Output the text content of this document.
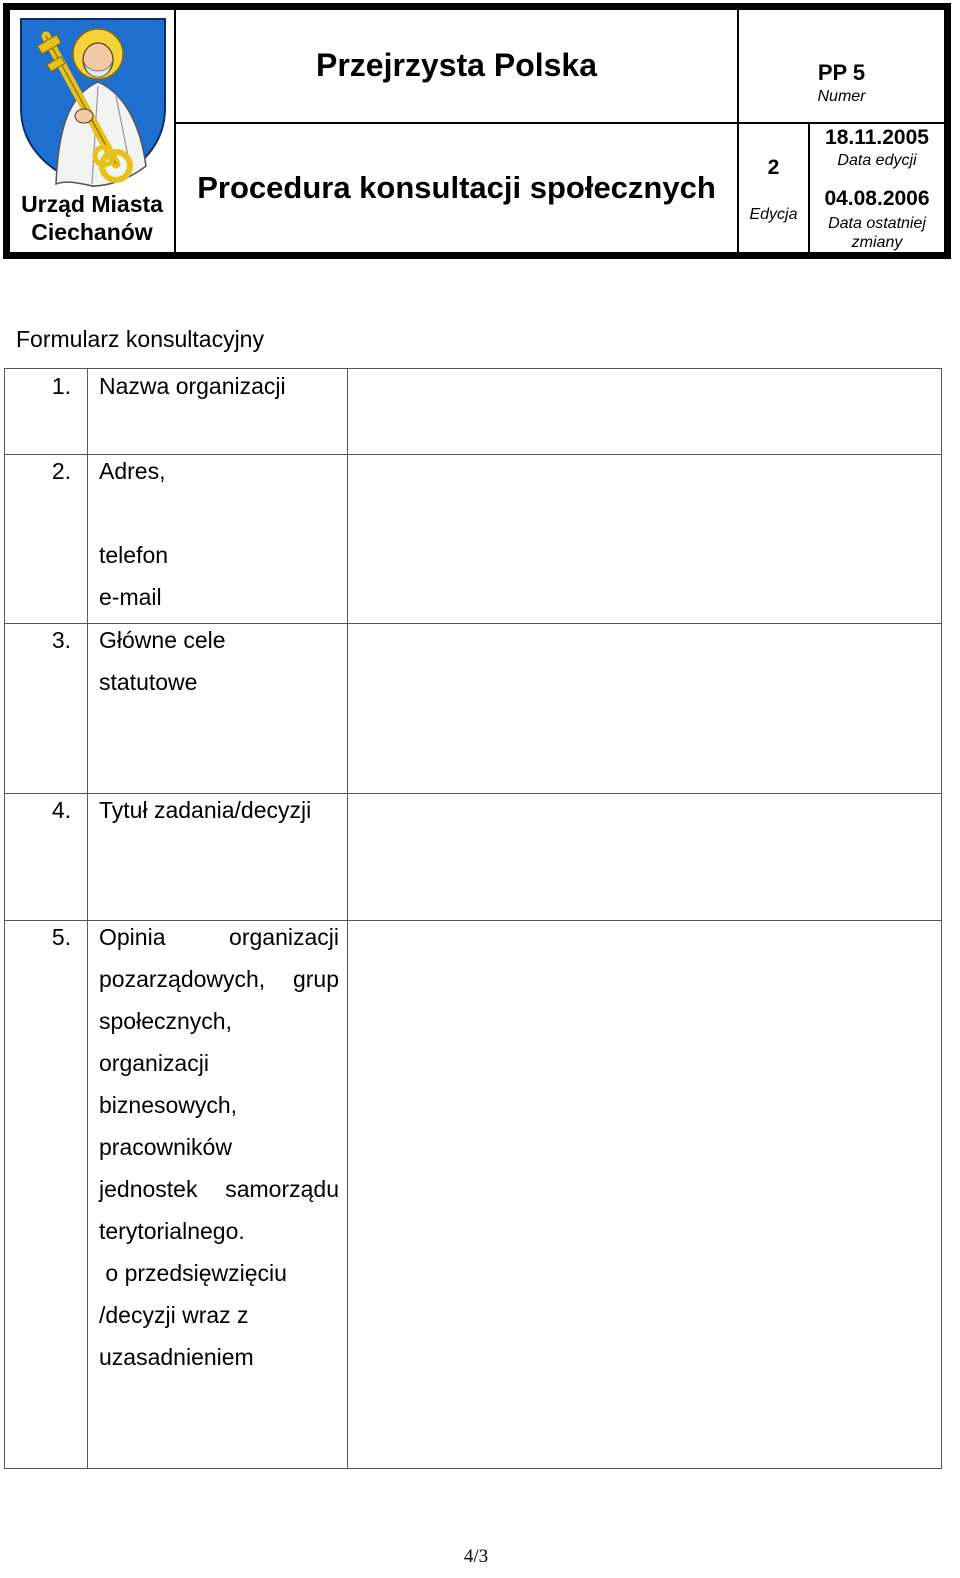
Urząd Miasta
Ciechanów
Przejrzysta Polska
Procedura konsultacji społecznych
PP 5
Numer
2
Edycja
18.11.2005
Data edycji
04.08.2006
Data ostatniej
zmiany
Formularz konsultacyjny
1. Nazwa organizacji
2. Adres,
telefon
e-mail
3. Główne cele
statutowe
4. Tytuł zadania/decyzji
5. Opinia organizacji
pozarządowych, grup
społecznych,
organizacji
biznesowych,
pracowników
jednostek samorządu
terytorialnego.
o przedsięwzięciu
/decyzji wraz z
uzasadnieniem
4/3
